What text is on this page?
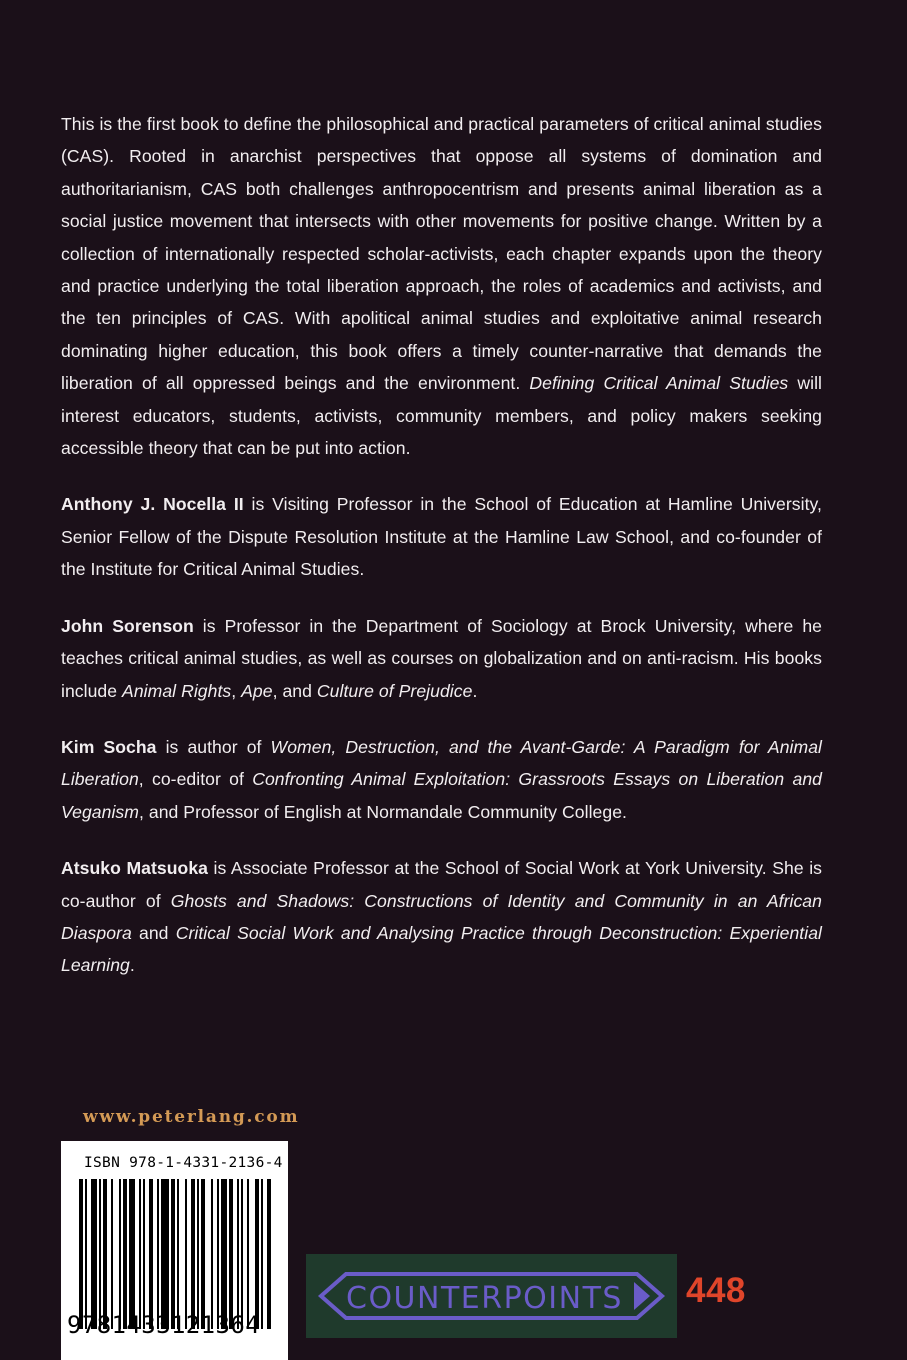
This is the first book to define the philosophical and practical parameters of critical animal studies (CAS). Rooted in anarchist perspectives that oppose all systems of domination and authoritarianism, CAS both challenges anthropocentrism and presents animal liberation as a social justice movement that intersects with other movements for positive change. Written by a collection of internationally respected scholar-activists, each chapter expands upon the theory and practice underlying the total liberation approach, the roles of academics and activists, and the ten principles of CAS. With apolitical animal studies and exploitative animal research dominating higher education, this book offers a timely counter-narrative that demands the liberation of all oppressed beings and the environment. Defining Critical Animal Studies will interest educators, students, activists, community members, and policy makers seeking accessible theory that can be put into action.

Anthony J. Nocella II is Visiting Professor in the School of Education at Hamline University, Senior Fellow of the Dispute Resolution Institute at the Hamline Law School, and co-founder of the Institute for Critical Animal Studies.

John Sorenson is Professor in the Department of Sociology at Brock University, where he teaches critical animal studies, as well as courses on globalization and on anti-racism. His books include Animal Rights, Ape, and Culture of Prejudice.

Kim Socha is author of Women, Destruction, and the Avant-Garde: A Paradigm for Animal Liberation, co-editor of Confronting Animal Exploitation: Grassroots Essays on Liberation and Veganism, and Professor of English at Normandale Community College.

Atsuko Matsuoka is Associate Professor at the School of Social Work at York University. She is co-author of Ghosts and Shadows: Constructions of Identity and Community in an African Diaspora and Critical Social Work and Analysing Practice through Deconstruction: Experiential Learning.

www.peterlang.com
ISBN 978-1-4331-2136-4
9781433121364
COUNTERPOINTS 448
